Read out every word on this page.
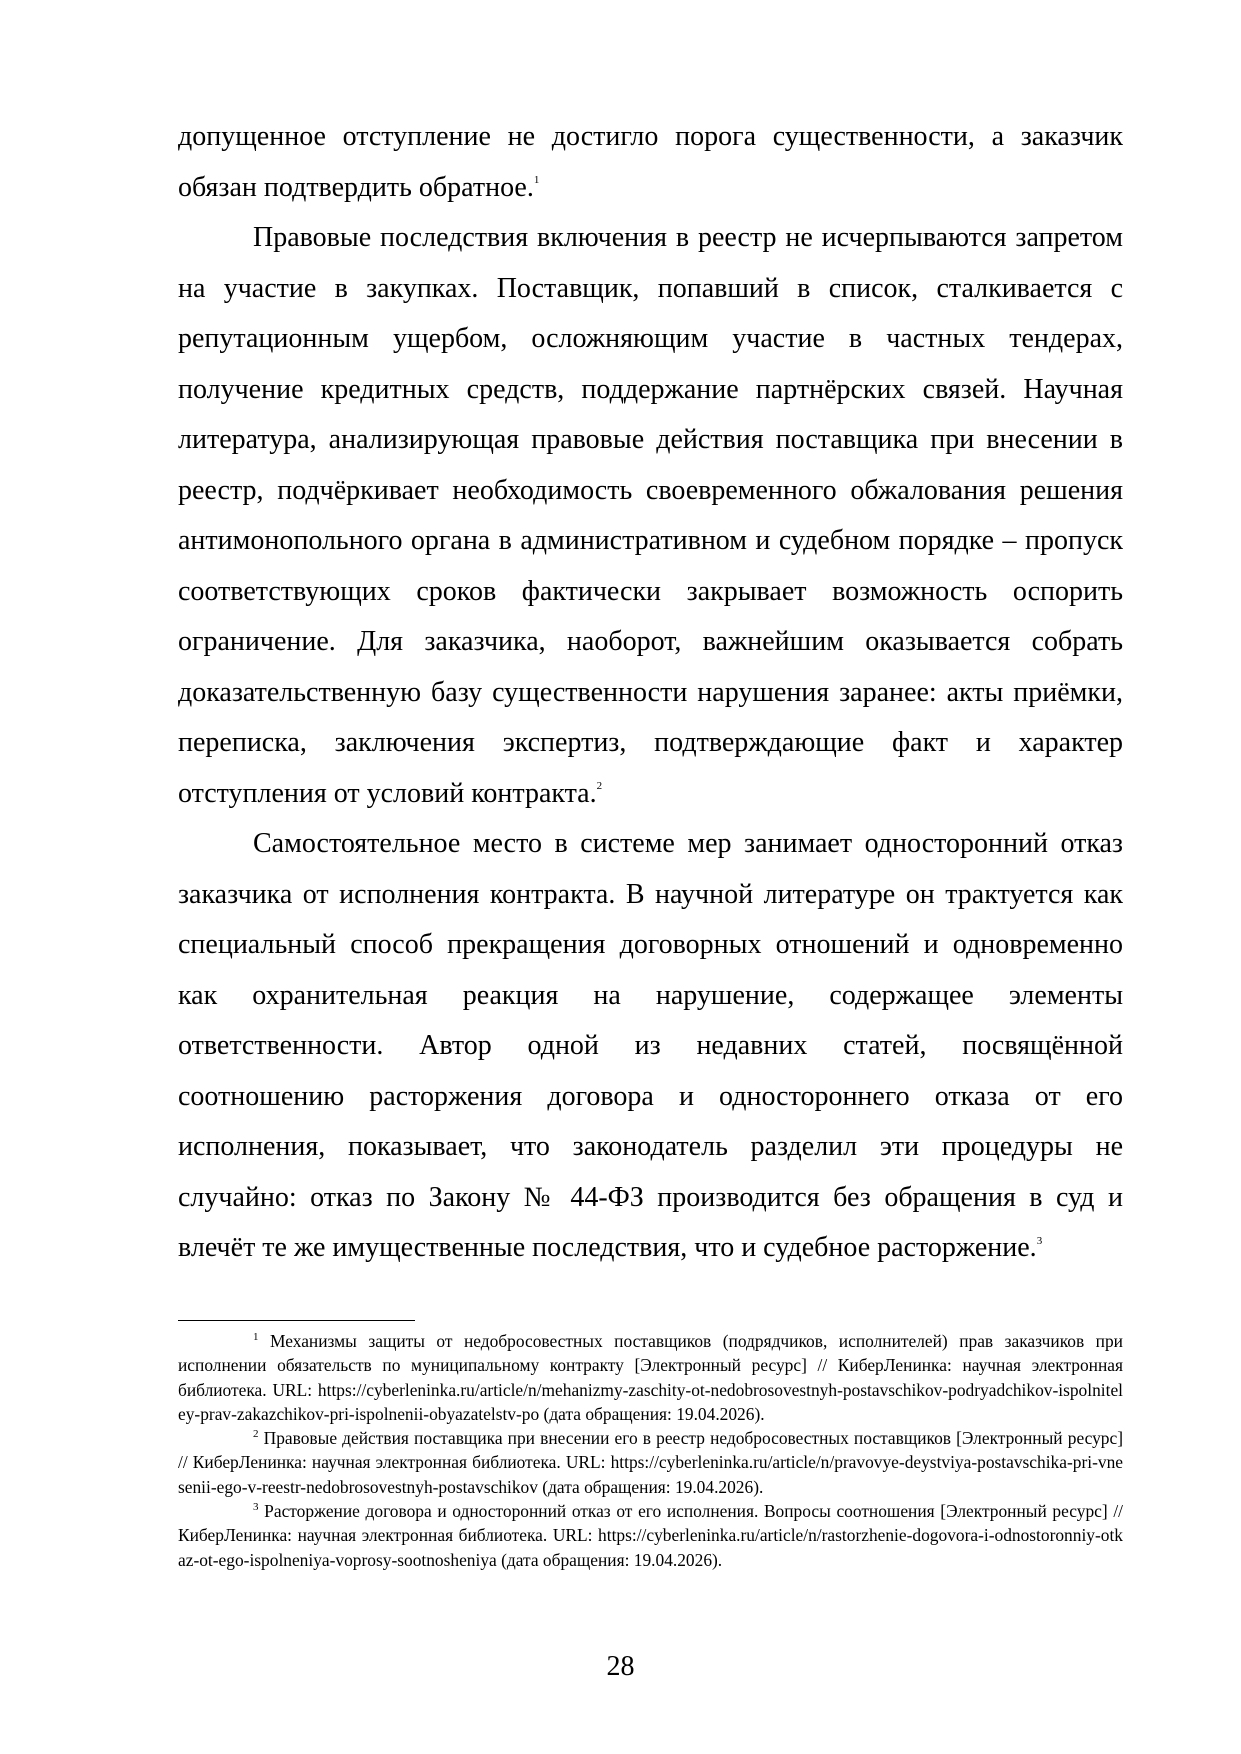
допущенное отступление не достигло порога существенности, а заказчик обязан подтвердить обратное.$^1$

Правовые последствия включения в реестр не исчерпываются запретом на участие в закупках. Поставщик, попавший в список, сталкивается с репутационным ущербом, осложняющим участие в частных тендерах, получение кредитных средств, поддержание партнёрских связей. Научная литература, анализирующая правовые действия поставщика при внесении в реестр, подчёркивает необходимость своевременного обжалования решения антимонопольного органа в административном и судебном порядке – пропуск соответствующих сроков фактически закрывает возможность оспорить ограничение. Для заказчика, наоборот, важнейшим оказывается собрать доказательственную базу существенности нарушения заранее: акты приёмки, переписка, заключения экспертиз, подтверждающие факт и характер отступления от условий контракта.$^2$

Самостоятельное место в системе мер занимает односторонний отказ заказчика от исполнения контракта. В научной литературе он трактуется как специальный способ прекращения договорных отношений и одновременно как охранительная реакция на нарушение, содержащее элементы ответственности. Автор одной из недавних статей, посвящённой соотношению расторжения договора и одностороннего отказа от его исполнения, показывает, что законодатель разделил эти процедуры не случайно: отказ по Закону № 44-ФЗ производится без обращения в суд и влечёт те же имущественные последствия, что и судебное расторжение.$^3$

$^1$ Механизмы защиты от недобросовестных поставщиков (подрядчиков, исполнителей) прав заказчиков при исполнении обязательств по муниципальному контракту [Электронный ресурс] // КиберЛенинка: научная электронная библиотека. URL: https://cyberleninka.ru/article/n/mehanizmy-zaschity-ot-nedobrosovestnyh-postavschikov-podryadchikov-ispolniteley-prav-zakazchikov-pri-ispolnenii-obyazatelstv-po (дата обращения: 19.04.2026).

$^2$ Правовые действия поставщика при внесении его в реестр недобросовестных поставщиков [Электронный ресурс] // КиберЛенинка: научная электронная библиотека. URL: https://cyberleninka.ru/article/n/pravovye-deystviya-postavschika-pri-vnesenii-ego-v-reestr-nedobrosovestnyh-postavschikov (дата обращения: 19.04.2026).

$^3$ Расторжение договора и односторонний отказ от его исполнения. Вопросы соотношения [Электронный ресурс] // КиберЛенинка: научная электронная библиотека. URL: https://cyberleninka.ru/article/n/rastorzhenie-dogovora-i-odnostoronniy-otkaz-ot-ego-ispolneniya-voprosy-sootnosheniya (дата обращения: 19.04.2026).

28
